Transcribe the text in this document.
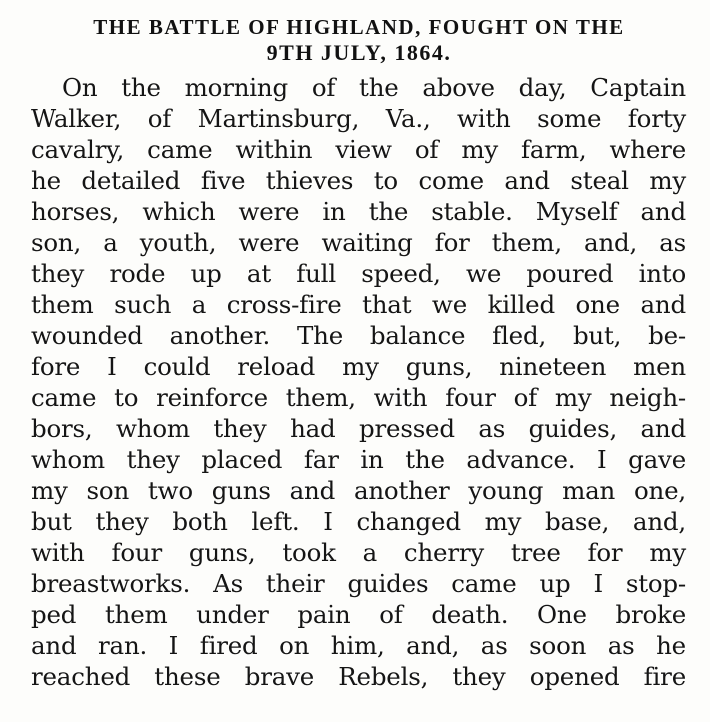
THE BATTLE OF HIGHLAND, FOUGHT ON THE
9TH JULY, 1864.
On the morning of the above day, Captain
Walker, of Martinsburg, Va., with some forty
cavalry, came within view of my farm, where
he detailed five thieves to come and steal my
horses, which were in the stable. Myself and
son, a youth, were waiting for them, and, as
they rode up at full speed, we poured into
them such a cross-fire that we killed one and
wounded another. The balance fled, but, be-
fore I could reload my guns, nineteen men
came to reinforce them, with four of my neigh-
bors, whom they had pressed as guides, and
whom they placed far in the advance. I gave
my son two guns and another young man one,
but they both left. I changed my base, and,
with four guns, took a cherry tree for my
breastworks. As their guides came up I stop-
ped them under pain of death. One broke
and ran. I fired on him, and, as soon as he
reached these brave Rebels, they opened fire
